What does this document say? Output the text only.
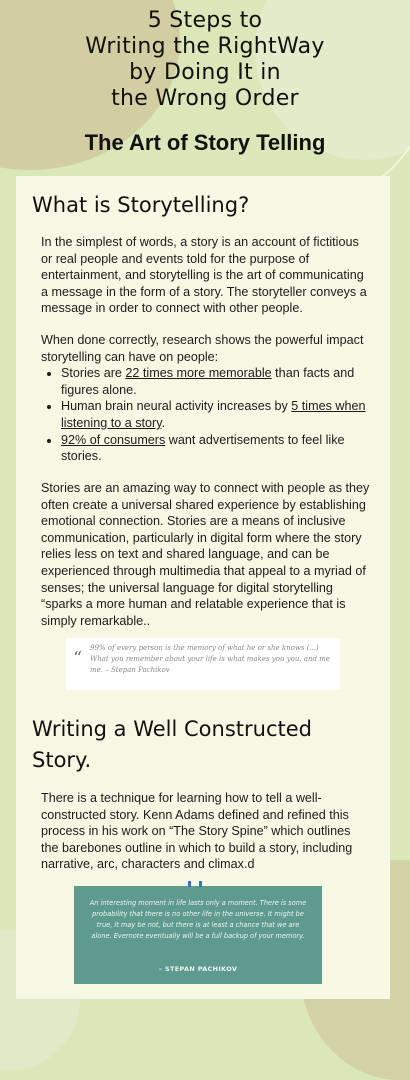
5 Steps to
Writing the RightWay
by Doing It in
the Wrong Order
The Art of Story Telling
What is Storytelling?
In the simplest of words, a story is an account of fictitious or real people and events told for the purpose of entertainment, and storytelling is the art of communicating a message in the form of a story. The storyteller conveys a message in order to connect with other people.
When done correctly, research shows the powerful impact storytelling can have on people:
• Stories are 22 times more memorable than facts and figures alone.
• Human brain neural activity increases by 5 times when listening to a story.
• 92% of consumers want advertisements to feel like stories.
Stories are an amazing way to connect with people as they often create a universal shared experience by establishing emotional connection. Stories are a means of inclusive communication, particularly in digital form where the story relies less on text and shared language, and can be experienced through multimedia that appeal to a myriad of senses; the universal language for digital storytelling “sparks a more human and relatable experience that is simply remarkable..
“ 99% of every person is the memory of what he or she knows (...) What you remember about your life is what makes you you, and me me. – Stepan Pachikov
Writing a Well Constructed Story.
There is a technique for learning how to tell a well-constructed story. Kenn Adams defined and refined this process in his work on “The Story Spine” which outlines the barebones outline in which to build a story, including narrative, arc, characters and climax.d
An interesting moment in life lasts only a moment. There is some probability that there is no other life in the universe. It might be true, it may be not, but there is at least a chance that we are alone. Evernote eventually will be a full backup of your memory.
– STEPAN PACHIKOV
